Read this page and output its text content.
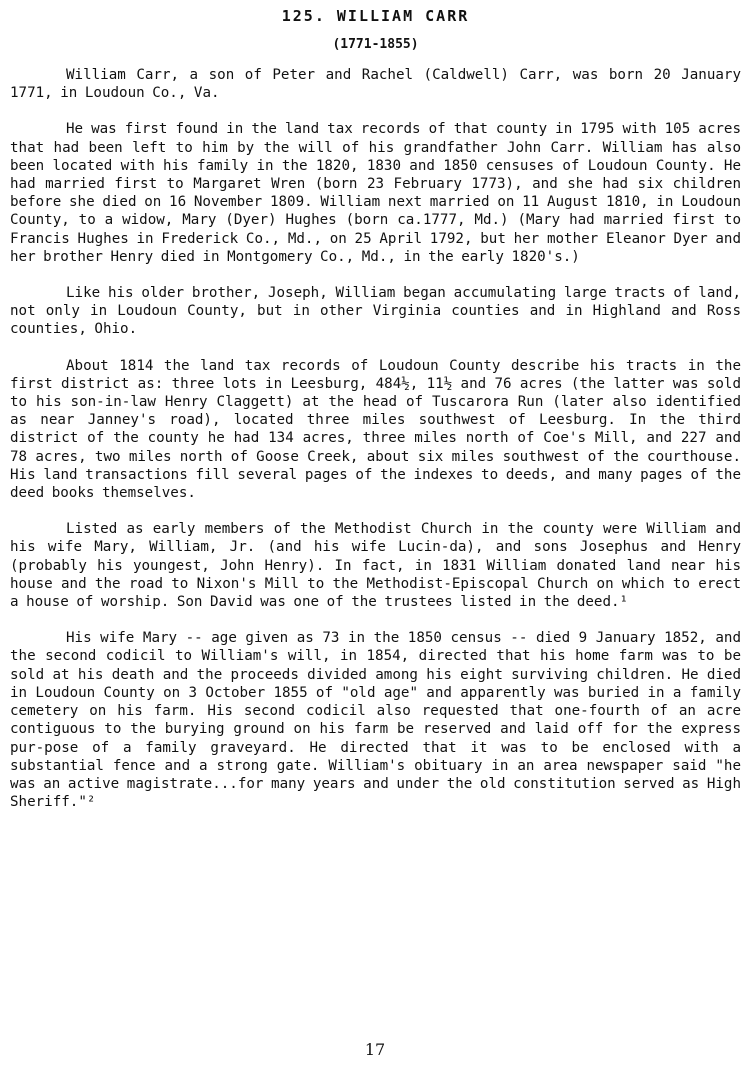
125. WILLIAM CARR
(1771-1855)

William Carr, a son of Peter and Rachel (Caldwell) Carr, was born 20 January 1771, in Loudoun Co., Va.

He was first found in the land tax records of that county in 1795 with 105 acres that had been left to him by the will of his grandfather John Carr. William has also been located with his family in the 1820, 1830 and 1850 censuses of Loudoun County. He had married first to Margaret Wren (born 23 February 1773), and she had six children before she died on 16 November 1809. William next married on 11 August 1810, in Loudoun County, to a widow, Mary (Dyer) Hughes (born ca.1777, Md.) (Mary had married first to Francis Hughes in Frederick Co., Md., on 25 April 1792, but her mother Eleanor Dyer and her brother Henry died in Montgomery Co., Md., in the early 1820's.)

Like his older brother, Joseph, William began accumulating large tracts of land, not only in Loudoun County, but in other Virginia counties and in Highland and Ross counties, Ohio.

About 1814 the land tax records of Loudoun County describe his tracts in the first district as: three lots in Leesburg, 484½, 11½ and 76 acres (the latter was sold to his son-in-law Henry Claggett) at the head of Tuscarora Run (later also identified as near Janney's road), located three miles southwest of Leesburg. In the third district of the county he had 134 acres, three miles north of Coe's Mill, and 227 and 78 acres, two miles north of Goose Creek, about six miles southwest of the courthouse. His land transactions fill several pages of the indexes to deeds, and many pages of the deed books themselves.

Listed as early members of the Methodist Church in the county were William and his wife Mary, William, Jr. (and his wife Lucin-da), and sons Josephus and Henry (probably his youngest, John Henry). In fact, in 1831 William donated land near his house and the road to Nixon's Mill to the Methodist-Episcopal Church on which to erect a house of worship. Son David was one of the trustees listed in the deed.¹

His wife Mary -- age given as 73 in the 1850 census -- died 9 January 1852, and the second codicil to William's will, in 1854, directed that his home farm was to be sold at his death and the proceeds divided among his eight surviving children. He died in Loudoun County on 3 October 1855 of "old age" and apparently was buried in a family cemetery on his farm. His second codicil also requested that one-fourth of an acre contiguous to the burying ground on his farm be reserved and laid off for the express pur-pose of a family graveyard. He directed that it was to be enclosed with a substantial fence and a strong gate. William's obituary in an area newspaper said "he was an active magistrate...for many years and under the old constitution served as High Sheriff."²

17
